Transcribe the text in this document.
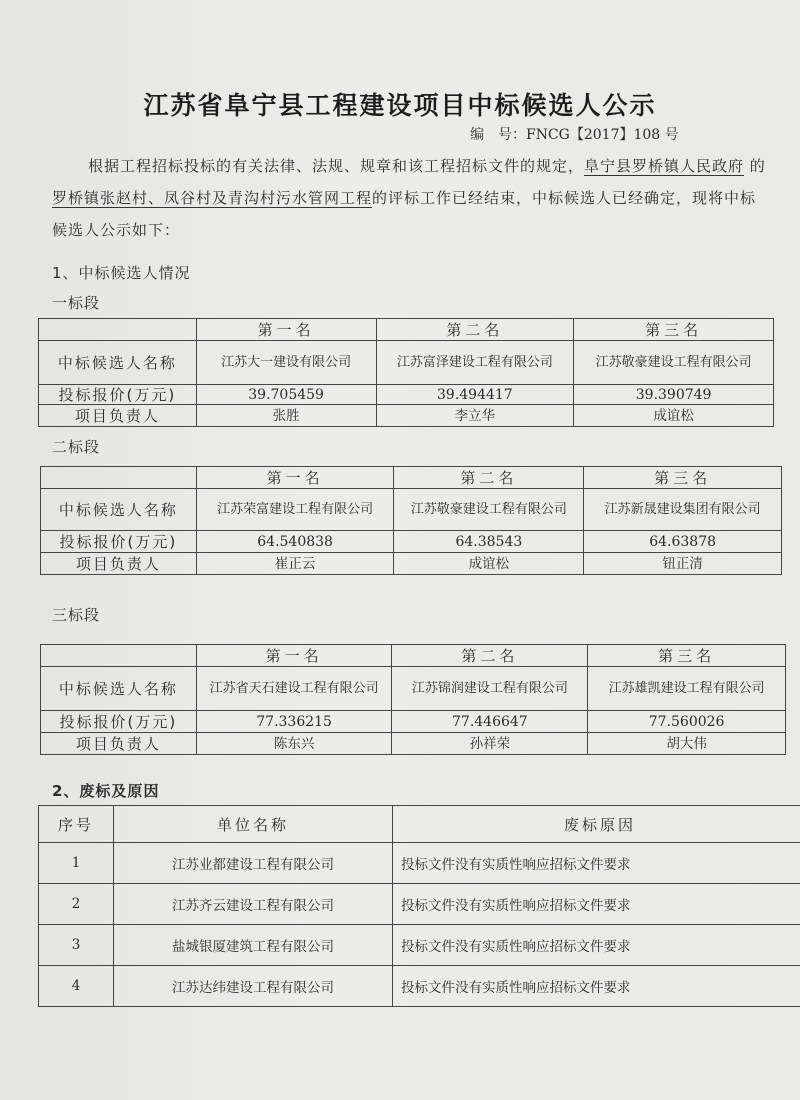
江苏省阜宁县工程建设项目中标候选人公示
编　号：FNCG【2017】108 号
根据工程招标投标的有关法律、法规、规章和该工程招标文件的规定，阜宁县罗桥镇人民政府 的罗桥镇张赵村、凤谷村及青沟村污水管网工程的评标工作已经结束，中标候选人已经确定，现将中标候选人公示如下：
1、中标候选人情况
一标段
	第一名	第二名	第三名
中标候选人名称	江苏大一建设有限公司	江苏富泽建设工程有限公司	江苏敬豪建设工程有限公司
投标报价(万元)	39.705459	39.494417	39.390749
项目负责人	张胜	李立华	成谊松
二标段
	第一名	第二名	第三名
中标候选人名称	江苏荣富建设工程有限公司	江苏敬豪建设工程有限公司	江苏新晟建设集团有限公司
投标报价(万元)	64.540838	64.38543	64.63878
项目负责人	崔正云	成谊松	钮正清
三标段
	第一名	第二名	第三名
中标候选人名称	江苏省天石建设工程有限公司	江苏锦润建设工程有限公司	江苏雄凯建设工程有限公司
投标报价(万元)	77.336215	77.446647	77.560026
项目负责人	陈东兴	孙祥荣	胡大伟
2、废标及原因
序号	单位名称	废标原因
1	江苏业都建设工程有限公司	投标文件没有实质性响应招标文件要求
2	江苏齐云建设工程有限公司	投标文件没有实质性响应招标文件要求
3	盐城银厦建筑工程有限公司	投标文件没有实质性响应招标文件要求
4	江苏达纬建设工程有限公司	投标文件没有实质性响应招标文件要求
